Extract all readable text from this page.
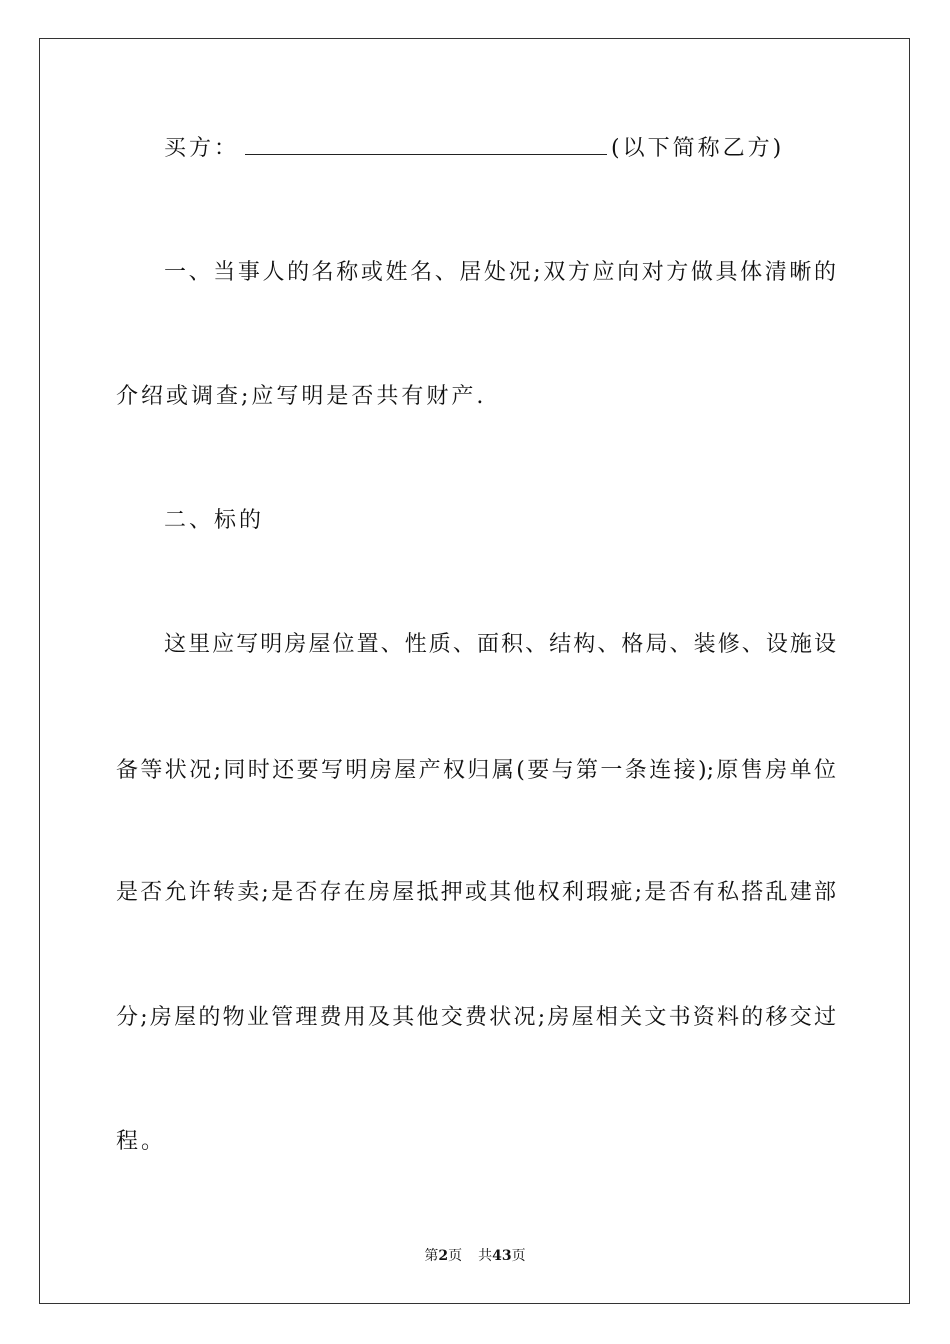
买方：	(以下简称乙方)
一、当事人的名称或姓名、居处况;双方应向对方做具体清晰的
介绍或调查;应写明是否共有财产.
二、标的
这里应写明房屋位置、性质、面积、结构、格局、装修、设施设
备等状况;同时还要写明房屋产权归属(要与第一条连接);原售房单位
是否允许转卖;是否存在房屋抵押或其他权利瑕疵;是否有私搭乱建部
分;房屋的物业管理费用及其他交费状况;房屋相关文书资料的移交过
程。
第2页 共43页
